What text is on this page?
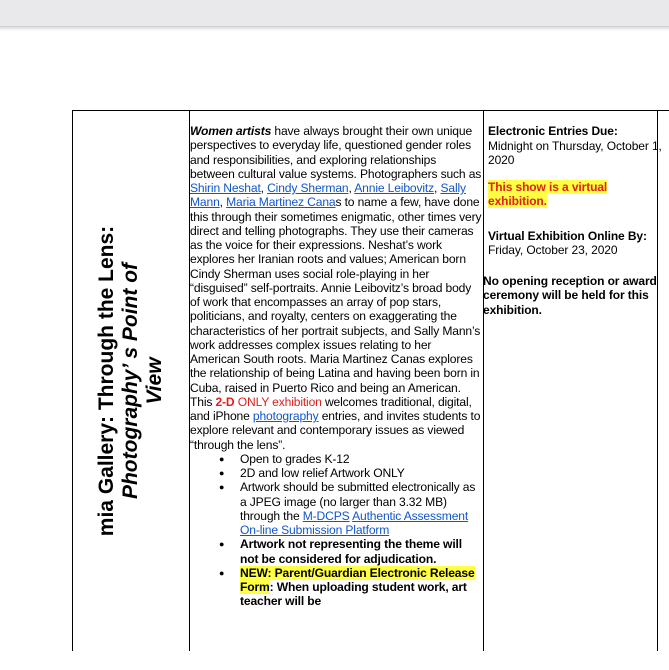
mia Gallery: Through the Lens: Photography’ s Point of View

Women artists have always brought their own unique perspectives to everyday life, questioned gender roles and responsibilities, and exploring relationships between cultural value systems. Photographers such as Shirin Neshat, Cindy Sherman, Annie Leibovitz, Sally Mann, Maria Martinez Canas to name a few, have done this through their sometimes enigmatic, other times very direct and telling photographs. They use their cameras as the voice for their expressions. Neshat’s work explores her Iranian roots and values; American born Cindy Sherman uses social role-playing in her “disguised” self-portraits. Annie Leibovitz’s broad body of work that encompasses an array of pop stars, politicians, and royalty, centers on exaggerating the characteristics of her portrait subjects, and Sally Mann’s work addresses complex issues relating to her American South roots. Maria Martinez Canas explores the relationship of being Latina and having been born in Cuba, raised in Puerto Rico and being an American. This 2-D ONLY exhibition welcomes traditional, digital, and iPhone photography entries, and invites students to explore relevant and contemporary issues as viewed “through the lens”.

● Open to grades K-12
● 2D and low relief Artwork ONLY
● Artwork should be submitted electronically as a JPEG image (no larger than 3.32 MB) through the M-DCPS Authentic Assessment On-line Submission Platform
● Artwork not representing the theme will not be considered for adjudication.
● NEW: Parent/Guardian Electronic Release Form: When uploading student work, art teacher will be
Electronic Entries Due:
Midnight on Thursday, October 1, 2020
This show is a virtual exhibition.
Virtual Exhibition Online By:
Friday, October 23, 2020
No opening reception or award ceremony will be held for this exhibition.
